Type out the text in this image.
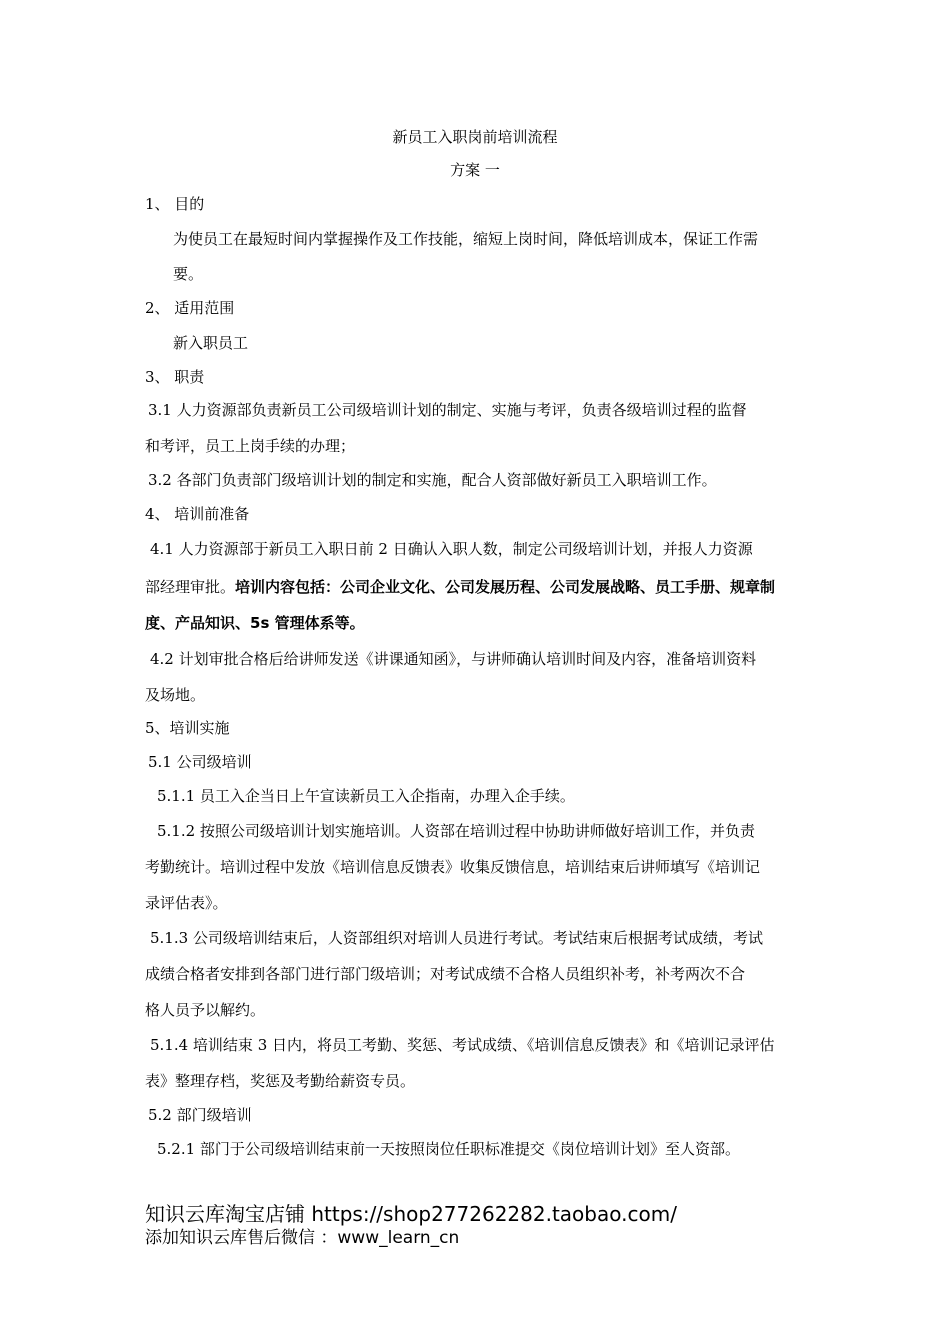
新员工入职岗前培训流程
方案 一
1、 目的
为使员工在最短时间内掌握操作及工作技能，缩短上岗时间，降低培训成本，保证工作需
要。
2、 适用范围
新入职员工
3、 职责
3.1 人力资源部负责新员工公司级培训计划的制定、实施与考评，负责各级培训过程的监督
和考评，员工上岗手续的办理；
3.2 各部门负责部门级培训计划的制定和实施，配合人资部做好新员工入职培训工作。
4、 培训前准备
4.1 人力资源部于新员工入职日前 2 日确认入职人数，制定公司级培训计划，并报人力资源
部经理审批。培训内容包括：公司企业文化、公司发展历程、公司发展战略、员工手册、规章制
度、产品知识、5s 管理体系等。
4.2 计划审批合格后给讲师发送《讲课通知函》，与讲师确认培训时间及内容，准备培训资料
及场地。
5、培训实施
5.1 公司级培训
5.1.1 员工入企当日上午宣读新员工入企指南，办理入企手续。
5.1.2 按照公司级培训计划实施培训。人资部在培训过程中协助讲师做好培训工作，并负责
考勤统计。培训过程中发放《培训信息反馈表》收集反馈信息，培训结束后讲师填写《培训记
录评估表》。
5.1.3 公司级培训结束后，人资部组织对培训人员进行考试。考试结束后根据考试成绩，考试
成绩合格者安排到各部门进行部门级培训；对考试成绩不合格人员组织补考，补考两次不合
格人员予以解约。
5.1.4 培训结束 3 日内，将员工考勤、奖惩、考试成绩、《培训信息反馈表》和《培训记录评估
表》整理存档，奖惩及考勤给薪资专员。
5.2 部门级培训
5.2.1 部门于公司级培训结束前一天按照岗位任职标准提交《岗位培训计划》至人资部。
知识云库淘宝店铺 https://shop277262282.taobao.com/
添加知识云库售后微信 ：www_learn_cn
